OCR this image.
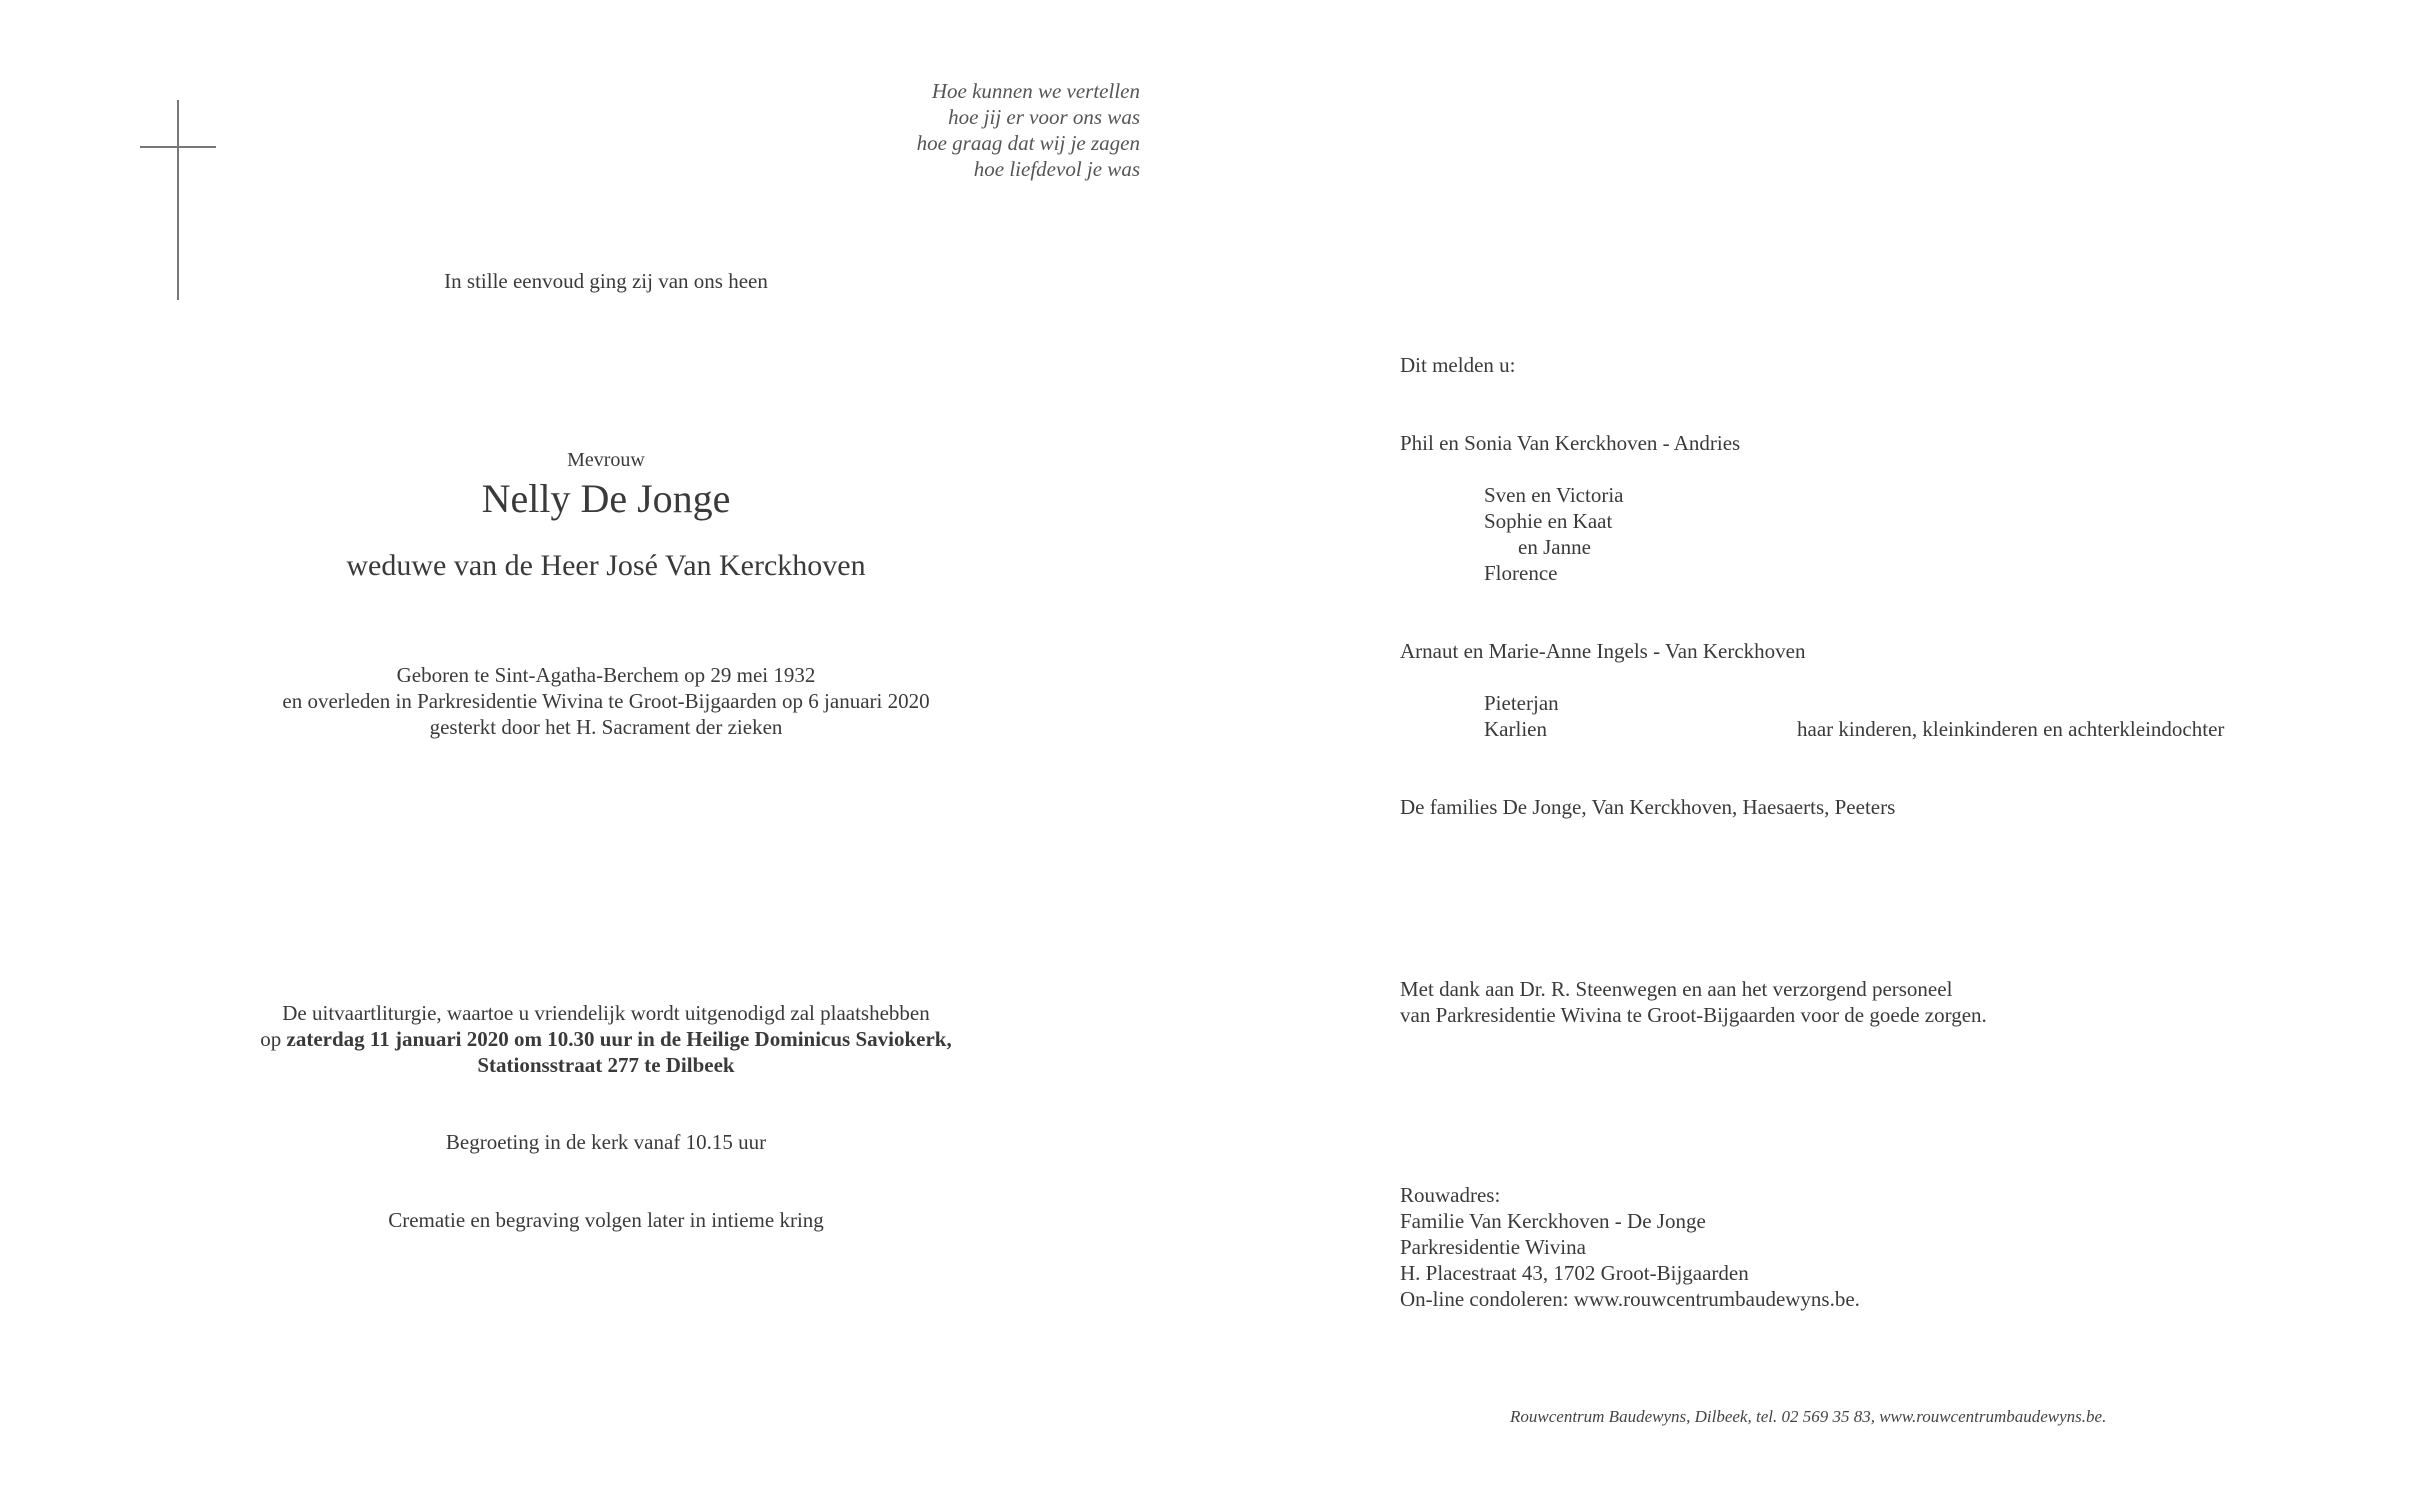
Hoe kunnen we vertellen
hoe jij er voor ons was
hoe graag dat wij je zagen
hoe liefdevol je was
In stille eenvoud ging zij van ons heen
Mevrouw
Nelly De Jonge
weduwe van de Heer José Van Kerckhoven
Geboren te Sint-Agatha-Berchem op 29 mei 1932
en overleden in Parkresidentie Wivina te Groot-Bijgaarden op 6 januari 2020
gesterkt door het H. Sacrament der zieken
De uitvaartliturgie, waartoe u vriendelijk wordt uitgenodigd zal plaatshebben
op zaterdag 11 januari 2020 om 10.30 uur in de Heilige Dominicus Saviokerk,
Stationsstraat 277 te Dilbeek
Begroeting in de kerk vanaf 10.15 uur
Crematie en begraving volgen later in intieme kring
Dit melden u:
Phil en Sonia Van Kerckhoven - Andries
Sven en Victoria
Sophie en Kaat
en Janne
Florence
Arnaut en Marie-Anne Ingels - Van Kerckhoven
Pieterjan
Karlien	haar kinderen, kleinkinderen en achterkleindochter
De families De Jonge, Van Kerckhoven, Haesaerts, Peeters
Met dank aan Dr. R. Steenwegen en aan het verzorgend personeel
van Parkresidentie Wivina te Groot-Bijgaarden voor de goede zorgen.
Rouwadres:
Familie Van Kerckhoven - De Jonge
Parkresidentie Wivina
H. Placestraat 43, 1702 Groot-Bijgaarden
On-line condoleren: www.rouwcentrumbaudewyns.be.
Rouwcentrum Baudewyns, Dilbeek, tel. 02 569 35 83, www.rouwcentrumbaudewyns.be.
